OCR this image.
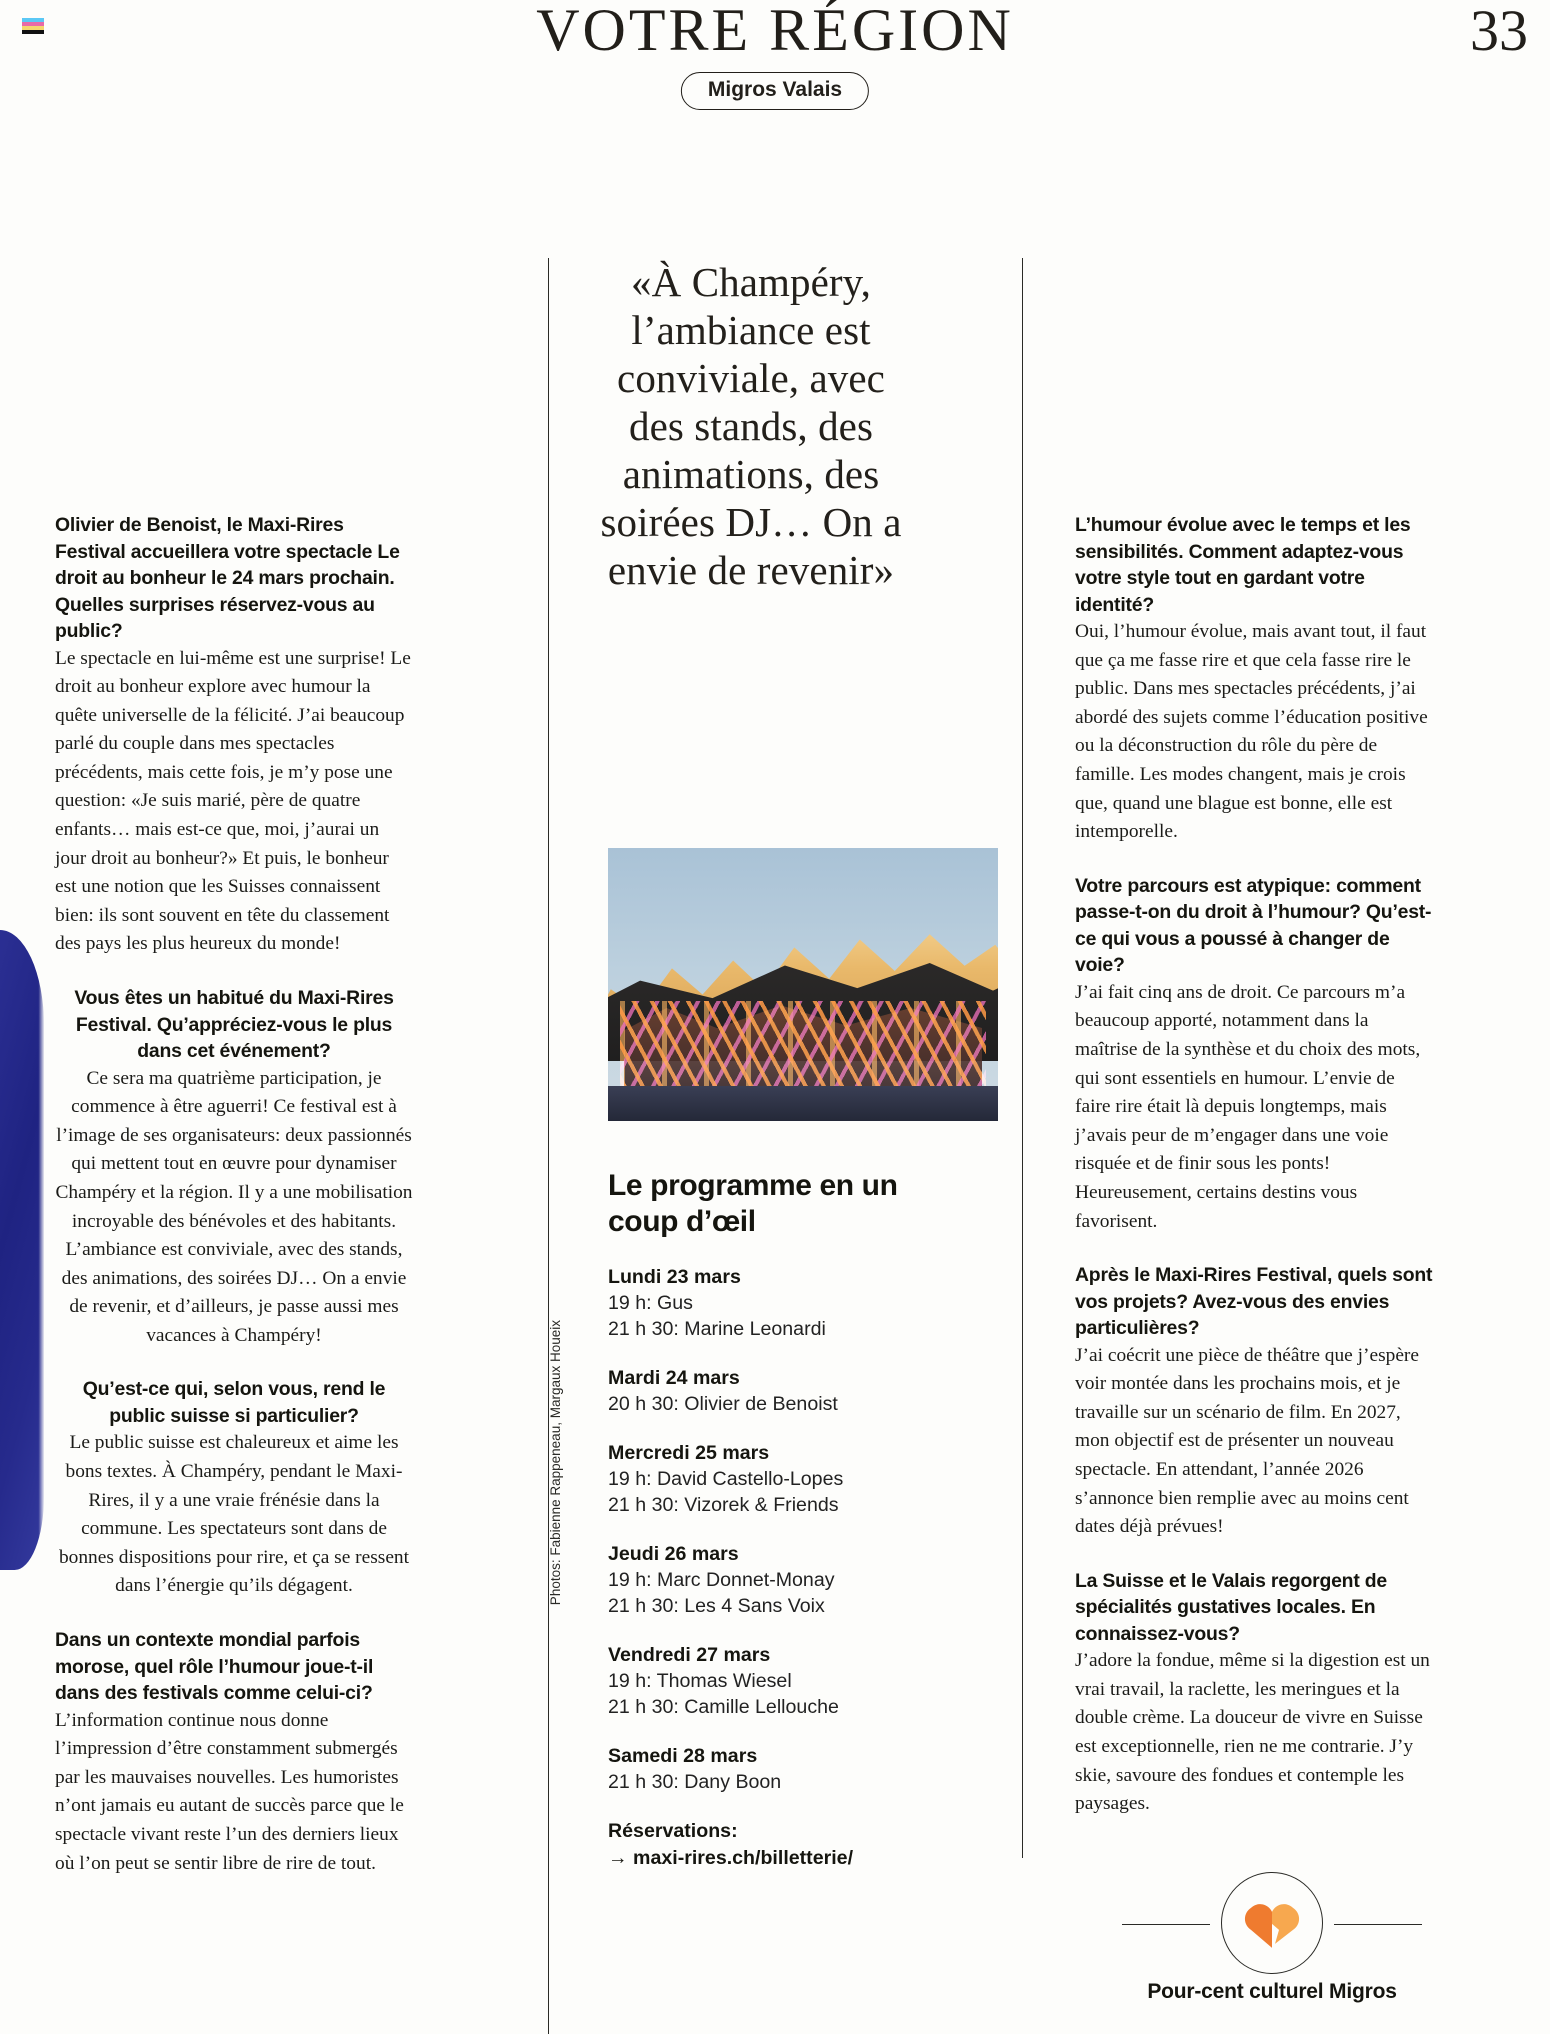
VOTRE RÉGION
Migros Valais
33
«À Champéry, l’ambiance est conviviale, avec des stands, des animations, des soirées DJ… On a envie de revenir»
Le programme en un coup d’œil
Lundi 23 mars
19 h: Gus
21 h 30: Marine Leonardi
Mardi 24 mars
20 h 30: Olivier de Benoist
Mercredi 25 mars
19 h: David Castello-Lopes
21 h 30: Vizorek & Friends
Jeudi 26 mars
19 h: Marc Donnet-Monay
21 h 30: Les 4 Sans Voix
Vendredi 27 mars
19 h: Thomas Wiesel
21 h 30: Camille Lellouche
Samedi 28 mars
21 h 30: Dany Boon
Réservations:
→ maxi-rires.ch/billetterie/
Photos: Fabienne Rappeneau, Margaux Houeix

Olivier de Benoist, le Maxi-Rires Festival accueillera votre spectacle Le droit au bonheur le 24 mars prochain. Quelles surprises réservez-vous au public?

Le spectacle en lui-même est une surprise! Le droit au bonheur explore avec humour la quête universelle de la félicité. J’ai beaucoup parlé du couple dans mes spectacles précédents, mais cette fois, je m’y pose une question: «Je suis marié, père de quatre enfants… mais est-ce que, moi, j’aurai un jour droit au bonheur?» Et puis, le bonheur est une notion que les Suisses connaissent bien: ils sont souvent en tête du classement des pays les plus heureux du monde!

Vous êtes un habitué du Maxi-Rires Festival. Qu’appréciez-vous le plus dans cet événement?

Ce sera ma quatrième participation, je commence à être aguerri! Ce festival est à l’image de ses organisateurs: deux passionnés qui mettent tout en œuvre pour dynamiser Champéry et la région. Il y a une mobilisation incroyable des bénévoles et des habitants. L’ambiance est conviviale, avec des stands, des animations, des soirées DJ… On a envie de revenir, et d’ailleurs, je passe aussi mes vacances à Champéry!

Qu’est-ce qui, selon vous, rend le public suisse si particulier?

Le public suisse est chaleureux et aime les bons textes. À Champéry, pendant le Maxi-Rires, il y a une vraie frénésie dans la commune. Les spectateurs sont dans de bonnes dispositions pour rire, et ça se ressent dans l’énergie qu’ils dégagent.

Dans un contexte mondial parfois morose, quel rôle l’humour joue-t-il dans des festivals comme celui-ci?

L’information continue nous donne l’impression d’être constamment submergés par les mauvaises nouvelles. Les humoristes n’ont jamais eu autant de succès parce que le spectacle vivant reste l’un des derniers lieux où l’on peut se sentir libre de rire de tout.

L’humour évolue avec le temps et les sensibilités. Comment adaptez-vous votre style tout en gardant votre identité?

Oui, l’humour évolue, mais avant tout, il faut que ça me fasse rire et que cela fasse rire le public. Dans mes spectacles précédents, j’ai abordé des sujets comme l’éducation positive ou la déconstruction du rôle du père de famille. Les modes changent, mais je crois que, quand une blague est bonne, elle est intemporelle.

Votre parcours est atypique: comment passe-t-on du droit à l’humour? Qu’est-ce qui vous a poussé à changer de voie?

J’ai fait cinq ans de droit. Ce parcours m’a beaucoup apporté, notamment dans la maîtrise de la synthèse et du choix des mots, qui sont essentiels en humour. L’envie de faire rire était là depuis longtemps, mais j’avais peur de m’engager dans une voie risquée et de finir sous les ponts! Heureusement, certains destins vous favorisent.

Après le Maxi-Rires Festival, quels sont vos projets? Avez-vous des envies particulières?

J’ai coécrit une pièce de théâtre que j’espère voir montée dans les prochains mois, et je travaille sur un scénario de film. En 2027, mon objectif est de présenter un nouveau spectacle. En attendant, l’année 2026 s’annonce bien remplie avec au moins cent dates déjà prévues!

La Suisse et le Valais regorgent de spécialités gustatives locales. En connaissez-vous?

J’adore la fondue, même si la digestion est un vrai travail, la raclette, les meringues et la double crème. La douceur de vivre en Suisse est exceptionnelle, rien ne me contrarie. J’y skie, savoure des fondues et contemple les paysages.

Pour-cent culturel Migros
